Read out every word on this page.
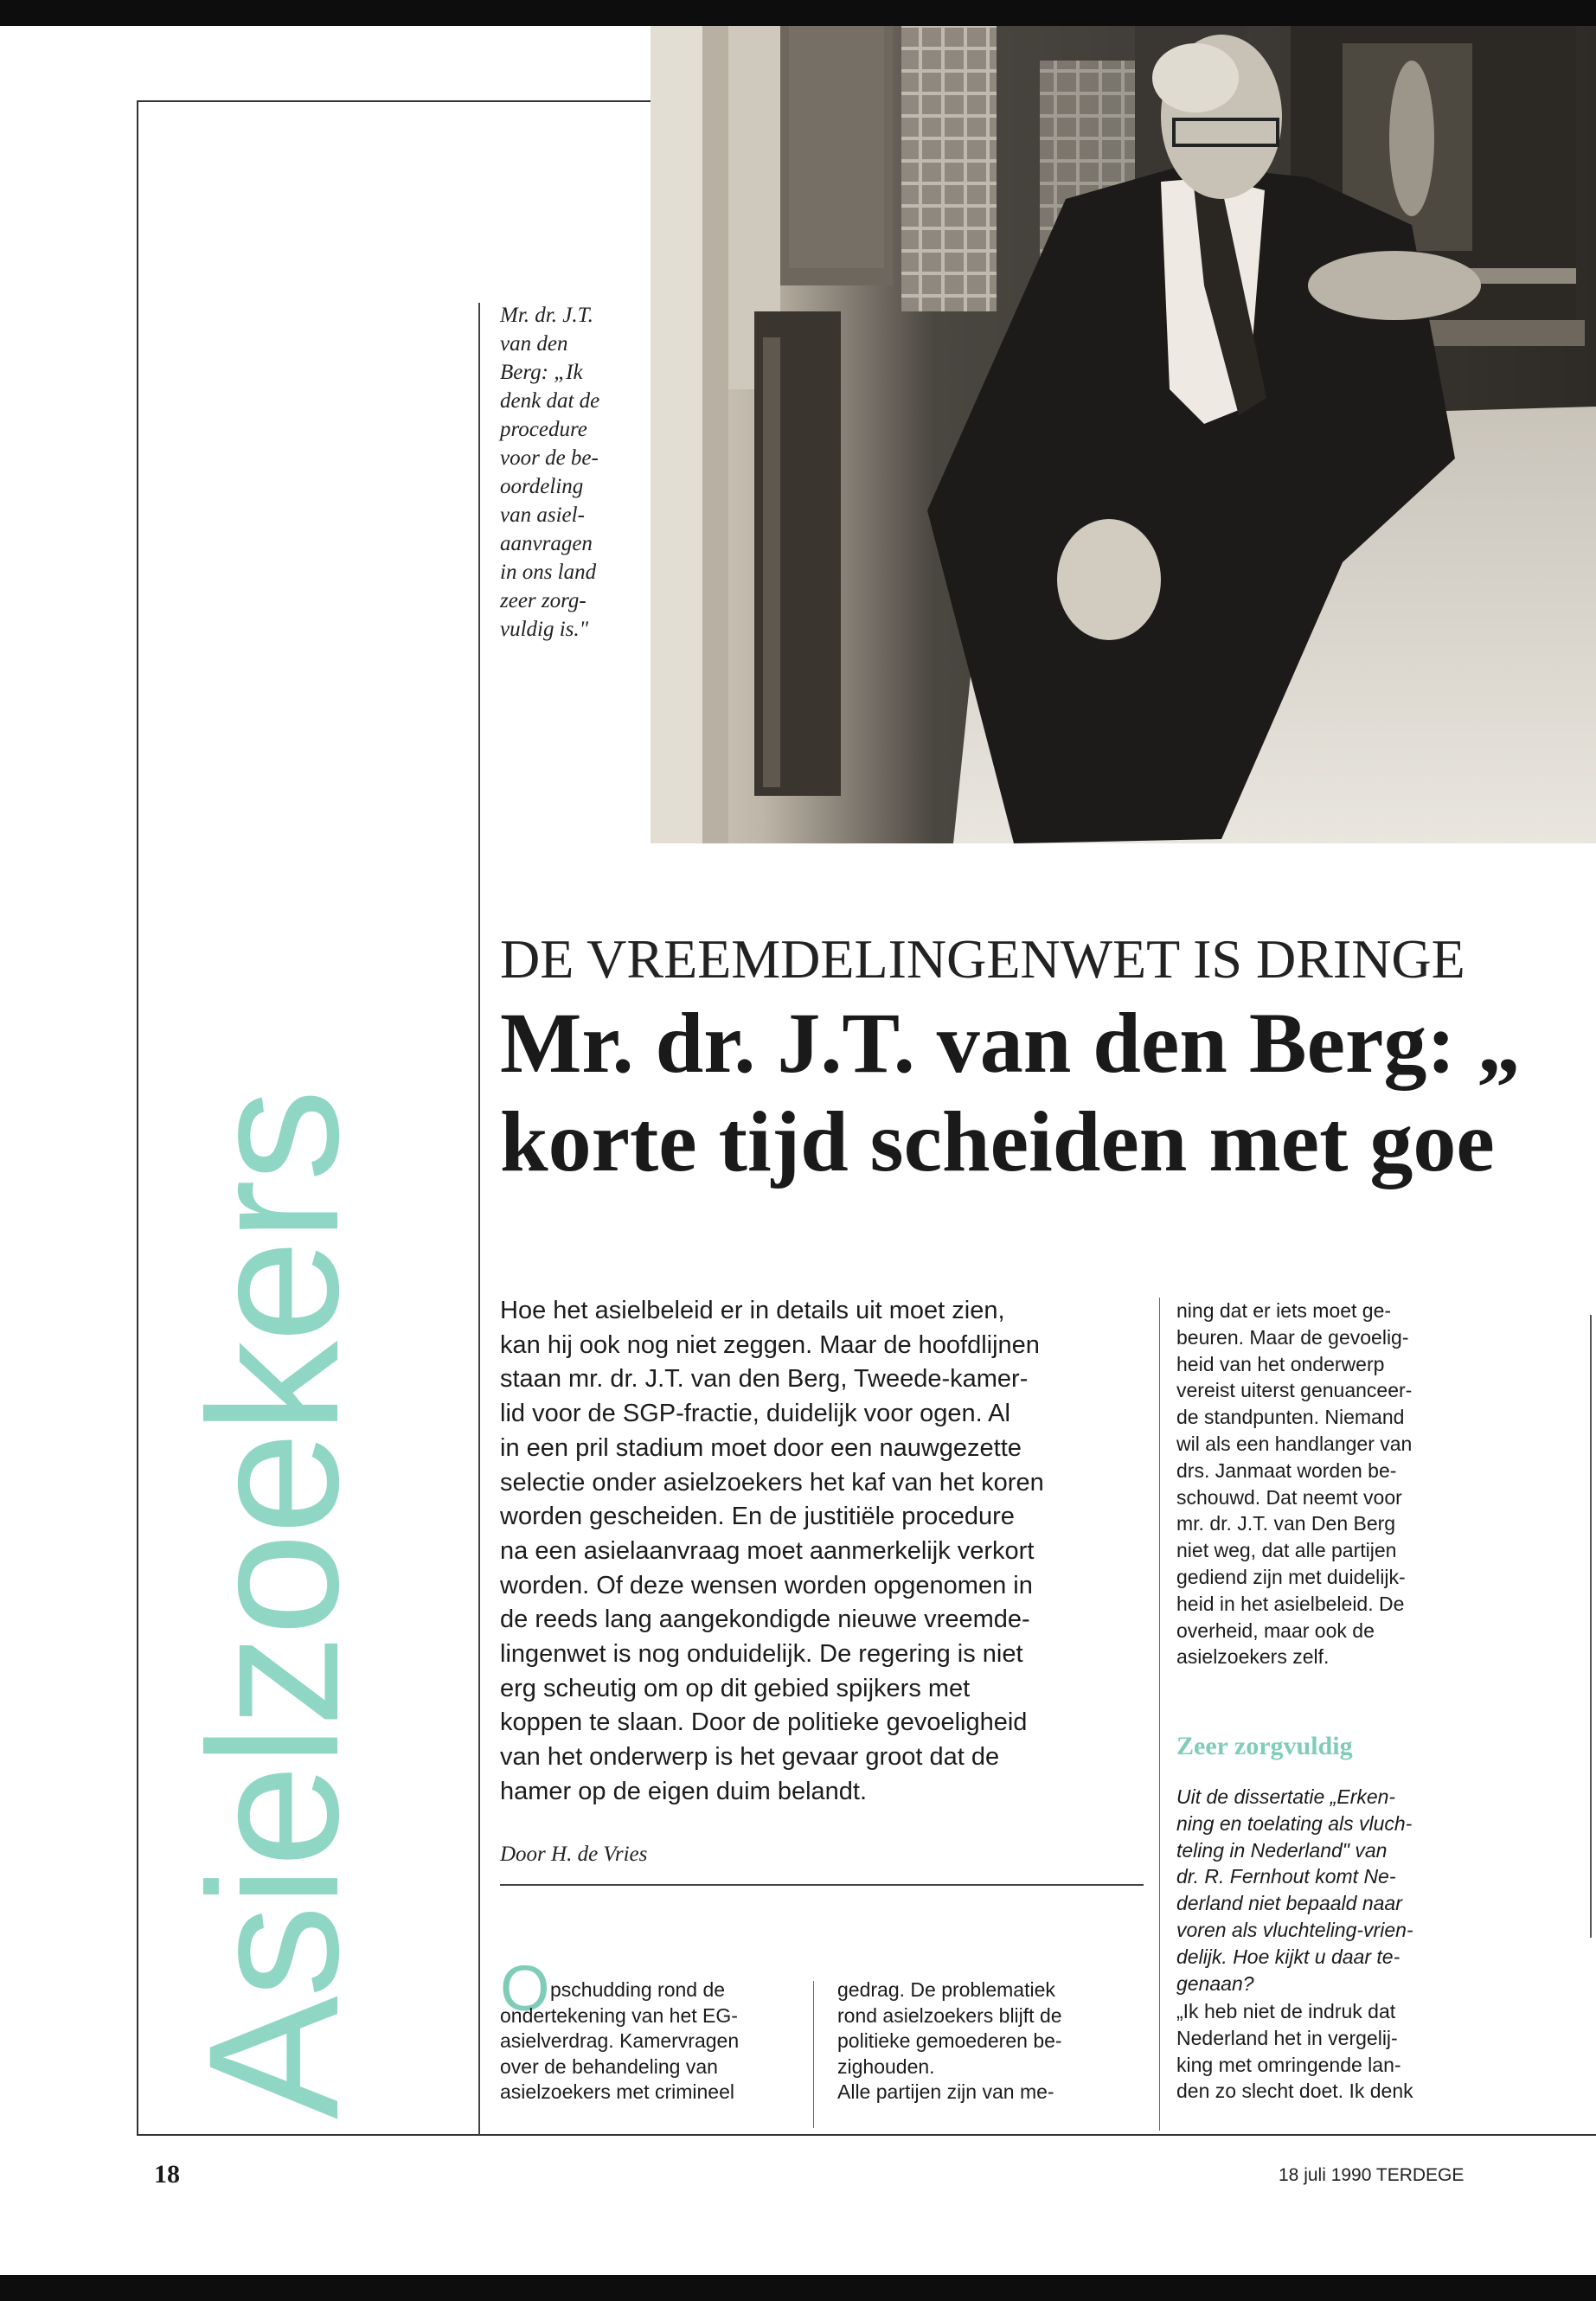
Mr. dr. J.T.
van den
Berg: „Ik
denk dat de
procedure
voor de be-
oordeling
van asiel-
aanvragen
in ons land
zeer zorg-
vuldig is."
Asielzoekers
DE VREEMDELINGENWET IS DRINGE
Mr. dr. J.T. van den Berg: „
korte tijd scheiden met goe
Hoe het asielbeleid er in details uit moet zien,
kan hij ook nog niet zeggen. Maar de hoofdlijnen
staan mr. dr. J.T. van den Berg, Tweede-kamer-
lid voor de SGP-fractie, duidelijk voor ogen. Al
in een pril stadium moet door een nauwgezette
selectie onder asielzoekers het kaf van het koren
worden gescheiden. En de justitiële procedure
na een asielaanvraag moet aanmerkelijk verkort
worden. Of deze wensen worden opgenomen in
de reeds lang aangekondigde nieuwe vreemde-
lingenwet is nog onduidelijk. De regering is niet
erg scheutig om op dit gebied spijkers met
koppen te slaan. Door de politieke gevoeligheid
van het onderwerp is het gevaar groot dat de
hamer op de eigen duim belandt.
Door H. de Vries
O pschudding rond de
ondertekening van het EG-
asielverdrag. Kamervragen
over de behandeling van
asielzoekers met crimineel
gedrag. De problematiek
rond asielzoekers blijft de
politieke gemoederen be-
zighouden.
Alle partijen zijn van me-
ning dat er iets moet ge-
beuren. Maar de gevoelig-
heid van het onderwerp
vereist uiterst genuanceer-
de standpunten. Niemand
wil als een handlanger van
drs. Janmaat worden be-
schouwd. Dat neemt voor
mr. dr. J.T. van Den Berg
niet weg, dat alle partijen
gediend zijn met duidelijk-
heid in het asielbeleid. De
overheid, maar ook de
asielzoekers zelf.
Zeer zorgvuldig
Uit de dissertatie „Erken-
ning en toelating als vluch-
teling in Nederland" van
dr. R. Fernhout komt Ne-
derland niet bepaald naar
voren als vluchteling-vrien-
delijk. Hoe kijkt u daar te-
genaan?
„Ik heb niet de indruk dat
Nederland het in vergelij-
king met omringende lan-
den zo slecht doet. Ik denk
18	18 juli 1990 TERDEGE
